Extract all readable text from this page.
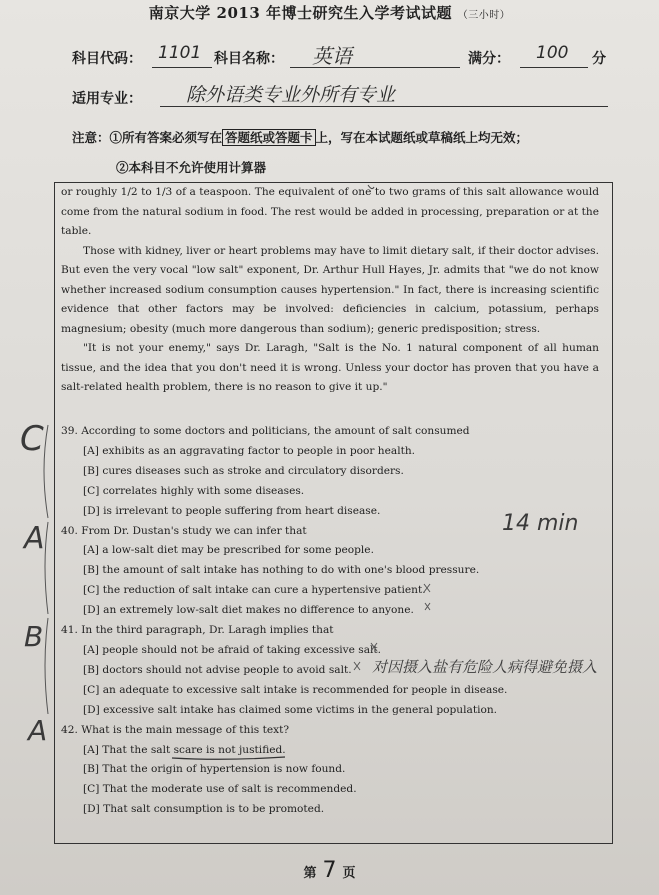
南京大学 2013 年博士研究生入学考试试题 （三小时）
科目代码： 1101 科目名称： 英语	满分： 100 分
适用专业： 除外语类专业外所有专业
注意：①所有答案必须写在 答题纸或答题卡 上，写在本试题纸或草稿纸上均无效；
②本科目不允许使用计算器

or roughly 1/2 to 1/3 of a teaspoon. The equivalent of one to two grams of this salt allowance would come from the natural sodium in food. The rest would be added in processing, preparation or at the table.

Those with kidney, liver or heart problems may have to limit dietary salt, if their doctor advises. But even the very vocal "low salt" exponent, Dr. Arthur Hull Hayes, Jr. admits that "we do not know whether increased sodium consumption causes hypertension." In fact, there is increasing scientific evidence that other factors may be involved: deficiencies in calcium, potassium, perhaps magnesium; obesity (much more dangerous than sodium); generic predisposition; stress.

"It is not your enemy," says Dr. Laragh, "Salt is the No. 1 natural component of all human tissue, and the idea that you don't need it is wrong. Unless your doctor has proven that you have a salt-related health problem, there is no reason to give it up."

39. According to some doctors and politicians, the amount of salt consumed

[A] exhibits as an aggravating factor to people in poor health.

[B] cures diseases such as stroke and circulatory disorders.

[C] correlates highly with some diseases.

[D] is irrelevant to people suffering from heart disease.

40. From Dr. Dustan's study we can infer that

[A] a low-salt diet may be prescribed for some people.

[B] the amount of salt intake has nothing to do with one's blood pressure.

[C] the reduction of salt intake can cure a hypertensive patient.

[D] an extremely low-salt diet makes no difference to anyone.

41. In the third paragraph, Dr. Laragh implies that

[A] people should not be afraid of taking excessive salt.

[B] doctors should not advise people to avoid salt.

[C] an adequate to excessive salt intake is recommended for people in disease.

[D] excessive salt intake has claimed some victims in the general population.

42. What is the main message of this text?

[A] That the salt scare is not justified.

[B] That the origin of hypertension is now found.

[C] That the moderate use of salt is recommended.

[D] That salt consumption is to be promoted.

C
A
B
A
14 min
对因摄入盐有危险人病得避免摄入
第 7 页
